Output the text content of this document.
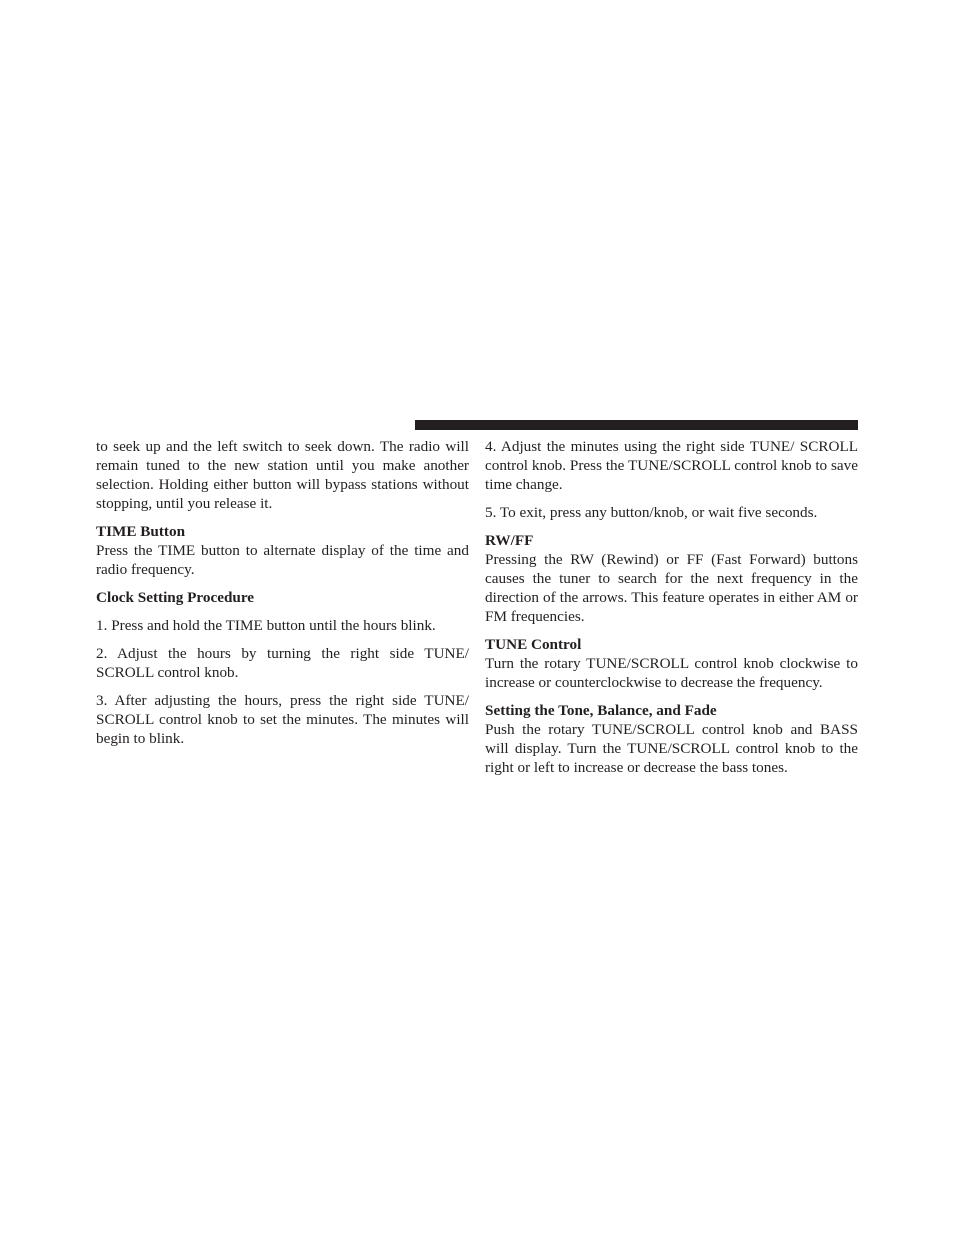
to seek up and the left switch to seek down. The radio will remain tuned to the new station until you make another selection. Holding either button will bypass stations without stopping, until you release it.

TIME Button

Press the TIME button to alternate display of the time and radio frequency.

Clock Setting Procedure

1. Press and hold the TIME button until the hours blink.

2. Adjust the hours by turning the right side TUNE/ SCROLL control knob.

3. After adjusting the hours, press the right side TUNE/ SCROLL control knob to set the minutes. The minutes will begin to blink.

4. Adjust the minutes using the right side TUNE/ SCROLL control knob. Press the TUNE/SCROLL control knob to save time change.

5. To exit, press any button/knob, or wait five seconds.

RW/FF

Pressing the RW (Rewind) or FF (Fast Forward) buttons causes the tuner to search for the next frequency in the direction of the arrows. This feature operates in either AM or FM frequencies.

TUNE Control

Turn the rotary TUNE/SCROLL control knob clockwise to increase or counterclockwise to decrease the frequency.

Setting the Tone, Balance, and Fade

Push the rotary TUNE/SCROLL control knob and BASS will display. Turn the TUNE/SCROLL control knob to the right or left to increase or decrease the bass tones.
